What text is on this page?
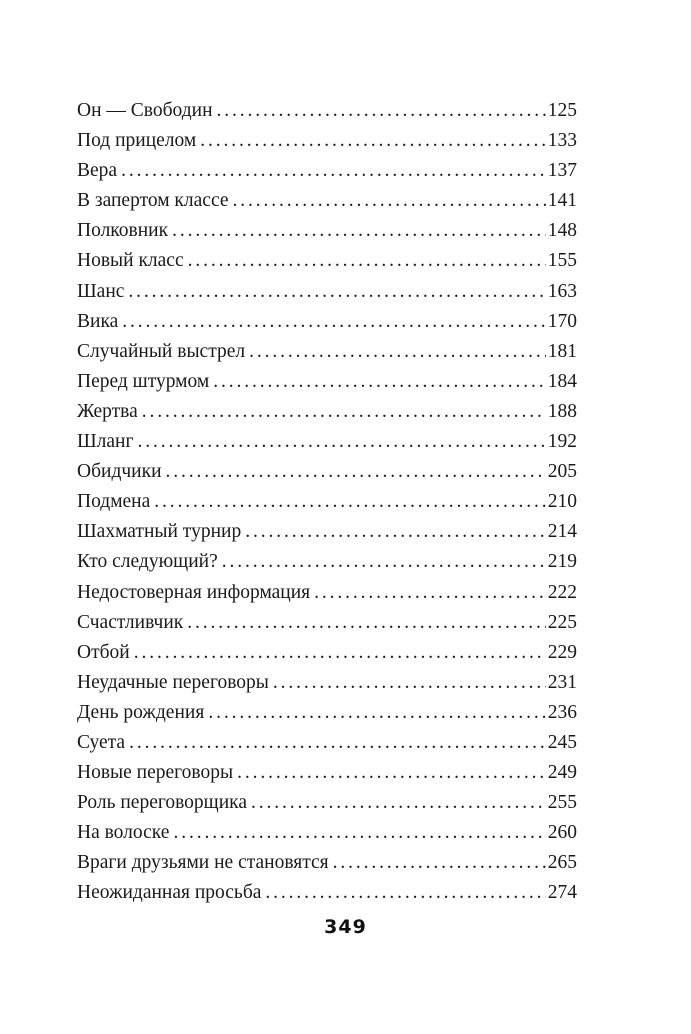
Он — Свободин . . .	125
Под прицелом . . .	133
Вера . . .	137
В запертом классе . . .	141
Полковник . . .	148
Новый класс . . .	155
Шанс . . .	163
Вика . . .	170
Случайный выстрел . . .	181
Перед штурмом . . .	184
Жертва . . .	188
Шланг . . .	192
Обидчики . . .	205
Подмена . . .	210
Шахматный турнир . . .	214
Кто следующий? . . .	219
Недостоверная информация . . .	222
Счастливчик . . .	225
Отбой . . .	229
Неудачные переговоры . . .	231
День рождения . . .	236
Суета . . .	245
Новые переговоры . . .	249
Роль переговорщика . . .	255
На волоске . . .	260
Враги друзьями не становятся . . .	265
Неожиданная просьба . . .	274
349
